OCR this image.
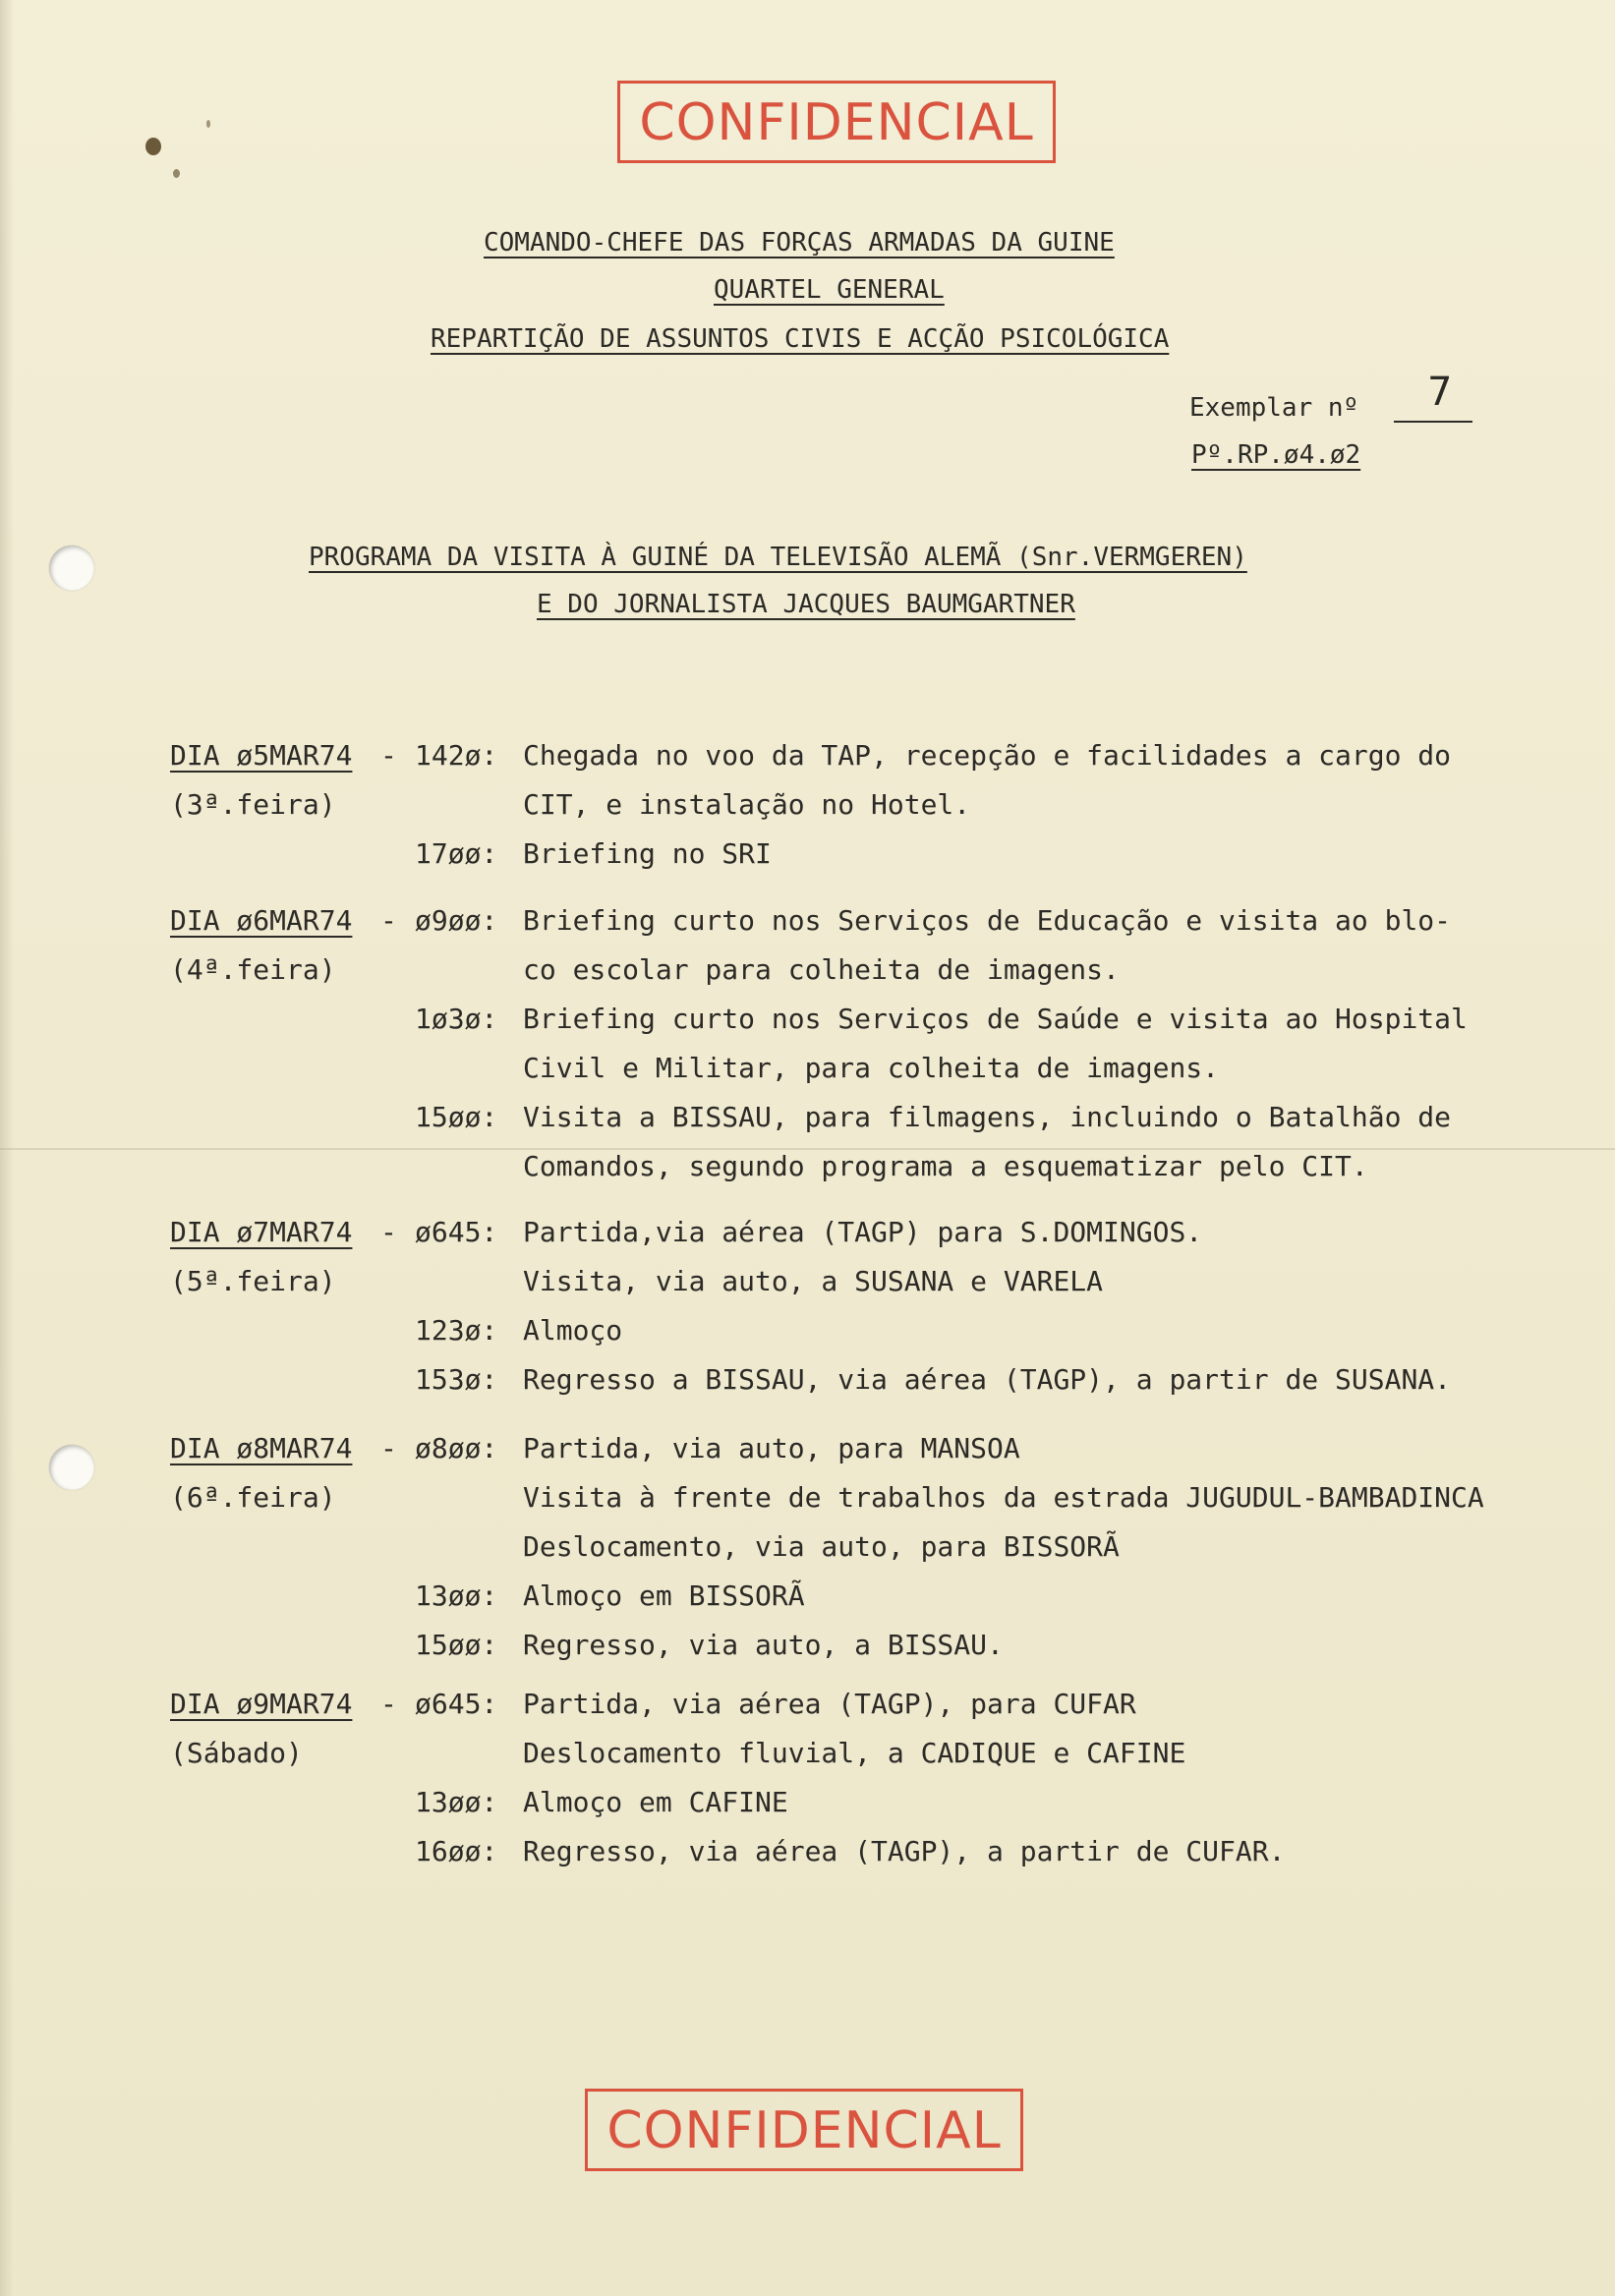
CONFIDENCIAL
COMANDO-CHEFE DAS FORÇAS ARMADAS DA GUINE
QUARTEL GENERAL
REPARTIÇÃO DE ASSUNTOS CIVIS E ACÇÃO PSICOLÓGICA
Exemplar nº 7
Pº.RP.ø4.ø2
PROGRAMA DA VISITA À GUINÉ DA TELEVISÃO ALEMÃ (Snr.VERMGEREN)
E DO JORNALISTA JACQUES BAUMGARTNER
DIA ø5MAR74 -
(3ª.feira)
142ø: Chegada no voo da TAP, recepção e facilidades a cargo do
CIT, e instalação no Hotel.
17øø: Briefing no SRI
DIA ø6MAR74 -
(4ª.feira)
ø9øø: Briefing curto nos Serviços de Educação e visita ao blo-
co escolar para colheita de imagens.
1ø3ø: Briefing curto nos Serviços de Saúde e visita ao Hospital
Civil e Militar, para colheita de imagens.
15øø: Visita a BISSAU, para filmagens, incluindo o Batalhão de
Comandos, segundo programa a esquematizar pelo CIT.
DIA ø7MAR74 -
(5ª.feira)
ø645: Partida,via aérea (TAGP) para S.DOMINGOS.
Visita, via auto, a SUSANA e VARELA
123ø: Almoço
153ø: Regresso a BISSAU, via aérea (TAGP), a partir de SUSANA.
DIA ø8MAR74 -
(6ª.feira)
ø8øø: Partida, via auto, para MANSOA
Visita à frente de trabalhos da estrada JUGUDUL-BAMBADINCA
Deslocamento, via auto, para BISSORÃ
13øø: Almoço em BISSORÃ
15øø: Regresso, via auto, a BISSAU.
DIA ø9MAR74 -
(Sábado)
ø645: Partida, via aérea (TAGP), para CUFAR
Deslocamento fluvial, a CADIQUE e CAFINE
13øø: Almoço em CAFINE
16øø: Regresso, via aérea (TAGP), a partir de CUFAR.
CONFIDENCIAL
